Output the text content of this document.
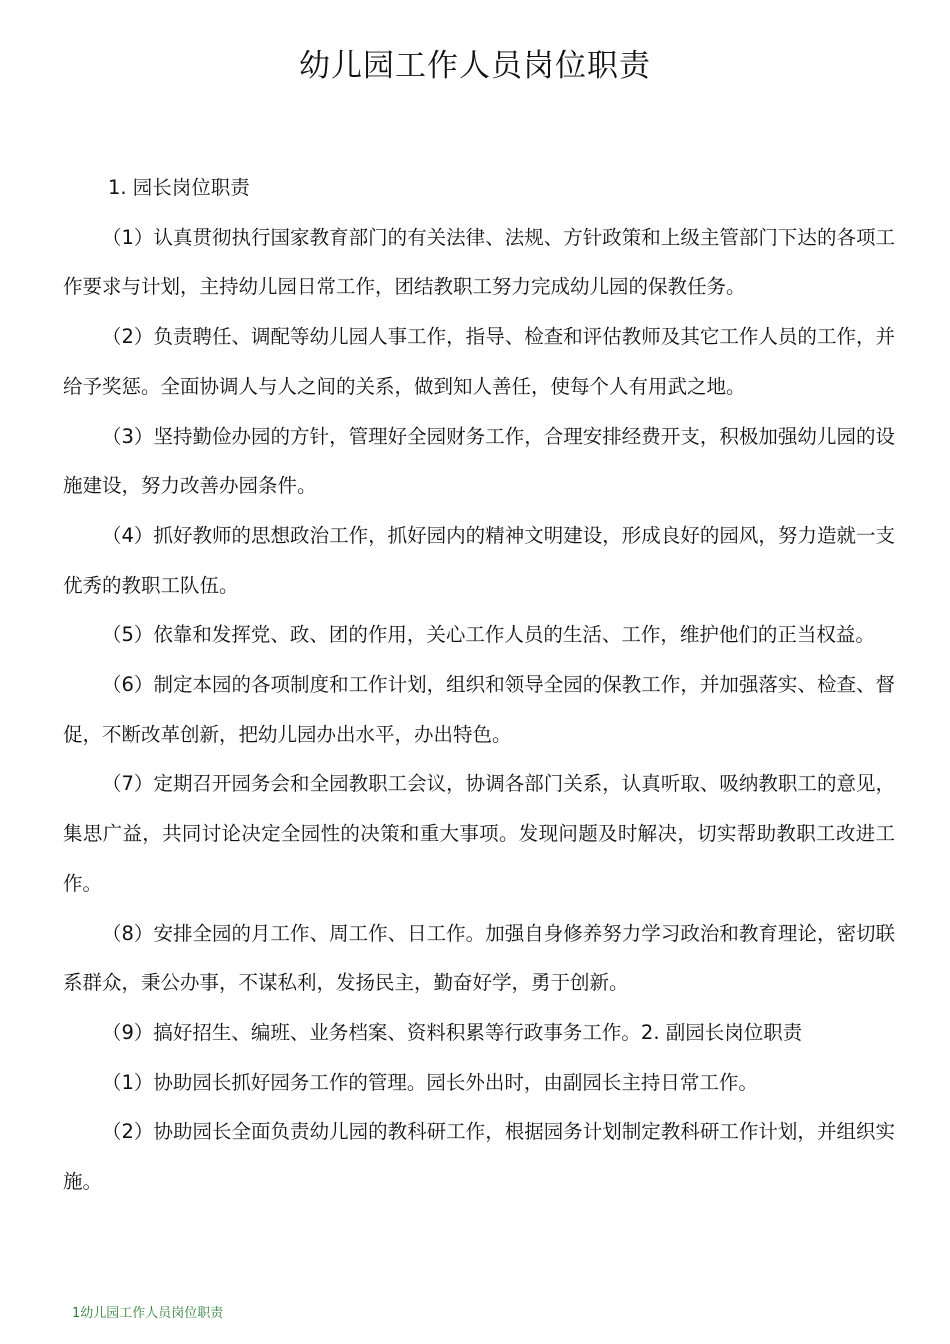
幼儿园工作人员岗位职责

1. 园长岗位职责

（1）认真贯彻执行国家教育部门的有关法律、法规、方针政策和上级主管部门下达的各项工作要求与计划，主持幼儿园日常工作，团结教职工努力完成幼儿园的保教任务。

（2）负责聘任、调配等幼儿园人事工作，指导、检查和评估教师及其它工作人员的工作，并给予奖惩。全面协调人与人之间的关系，做到知人善任，使每个人有用武之地。

（3）坚持勤俭办园的方针，管理好全园财务工作，合理安排经费开支，积极加强幼儿园的设施建设，努力改善办园条件。

（4）抓好教师的思想政治工作，抓好园内的精神文明建设，形成良好的园风，努力造就一支优秀的教职工队伍。

（5）依靠和发挥党、政、团的作用，关心工作人员的生活、工作，维护他们的正当权益。

（6）制定本园的各项制度和工作计划，组织和领导全园的保教工作，并加强落实、检查、督促，不断改革创新，把幼儿园办出水平，办出特色。

（7）定期召开园务会和全园教职工会议，协调各部门关系，认真听取、吸纳教职工的意见，集思广益，共同讨论决定全园性的决策和重大事项。发现问题及时解决，切实帮助教职工改进工作。

（8）安排全园的月工作、周工作、日工作。加强自身修养努力学习政治和教育理论，密切联系群众，秉公办事，不谋私利，发扬民主，勤奋好学，勇于创新。

（9）搞好招生、编班、业务档案、资料积累等行政事务工作。2. 副园长岗位职责

（1）协助园长抓好园务工作的管理。园长外出时，由副园长主持日常工作。

（2）协助园长全面负责幼儿园的教科研工作，根据园务计划制定教科研工作计划，并组织实施。

1幼儿园工作人员岗位职责
